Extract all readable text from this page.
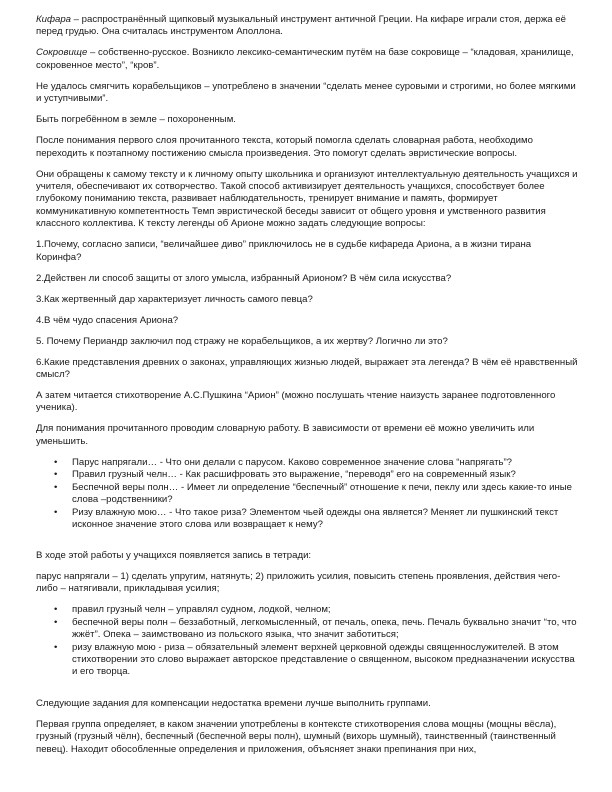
Кифара – распространённый щипковый музыкальный инструмент античной Греции. На кифаре играли стоя, держа её перед грудью. Она считалась инструментом Аполлона.

Сокровище – собственно-русское. Возникло лексико-семантическим путём на базе сокровище – “кладовая, хранилище, сокровенное место”, “кров”.

Не удалось смягчить корабельщиков – употреблено в значении “сделать менее суровыми и строгими, но более мягкими и уступчивыми”.

Быть погребённом в земле – похороненным.

После понимания первого слоя прочитанного текста, который помогла сделать словарная работа, необходимо переходить к поэтапному постижению смысла произведения. Это помогут сделать эвристические вопросы.

Они обращены к самому тексту и к личному опыту школьника и организуют интеллектуальную деятельность учащихся и учителя, обеспечивают их сотворчество. Такой способ активизирует деятельность учащихся, способствует более глубокому пониманию текста, развивает наблюдательность, тренирует внимание и память, формирует коммуникативную компетентность Темп эвристической беседы зависит от общего уровня и умственного развития классного коллектива. К тексту легенды об Арионе можно задать следующие вопросы:

1.Почему, согласно записи, “величайшее диво” приключилось не в судьбе кифареда Ариона, а в жизни тирана Коринфа?

2.Действен ли способ защиты от злого умысла, избранный Арионом? В чём сила искусства?

3.Как жертвенный дар характеризует личность самого певца?

4.В чём чудо спасения Ариона?

5. Почему Периандр заключил под стражу не корабельщиков, а их жертву? Логично ли это?

6.Какие представления древних о законах, управляющих жизнью людей, выражает эта легенда? В чём её нравственный смысл?

А затем читается стихотворение А.С.Пушкина “Арион” (можно послушать чтение наизусть заранее подготовленного ученика).

Для понимания прочитанного проводим словарную работу. В зависимости от времени её можно увеличить или уменьшить.

• Парус напрягали… - Что они делали с парусом. Каково современное значение слова “напрягать”?
• Правил грузный челн… - Как расшифровать это выражение, “переводя” его на современный язык?
• Беспечной веры полн… - Имеет ли определение “беспечный” отношение к печи, пеклу или здесь какие-то иные слова –родственники?
• Ризу влажную мою… - Что такое риза? Элементом чьей одежды она является? Меняет ли пушкинский текст исконное значение этого слова или возвращает к нему?

В ходе этой работы у учащихся появляется запись в тетради:

парус напрягали – 1) сделать упругим, натянуть; 2) приложить усилия, повысить степень проявления, действия чего-либо – натягивали, прикладывая усилия;

• правил грузный челн – управлял судном, лодкой, челном;
• беспечной веры полн – беззаботный, легкомысленный, от печаль, опека, печь. Печаль буквально значит “то, что жжёт”. Опека – заимствовано из польского языка, что значит заботиться;
• ризу влажную мою - риза – обязательный элемент верхней церковной одежды священнослужителей. В этом стихотворении это слово выражает авторское представление о священном, высоком предназначении искусства и его творца.

Следующие задания для компенсации недостатка времени лучше выполнить группами.

Первая группа определяет, в каком значении употреблены в контексте стихотворения слова мощны (мощны вёсла), грузный (грузный чёлн), беспечный (беспечной веры полн), шумный (вихорь шумный), таинственный (таинственный певец). Находит обособленные определения и приложения, объясняет знаки препинания при них,
